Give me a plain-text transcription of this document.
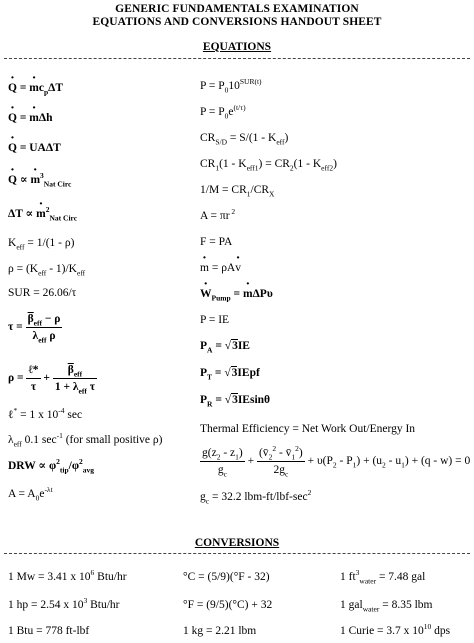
GENERIC FUNDAMENTALS EXAMINATION
EQUATIONS AND CONVERSIONS HANDOUT SHEET
EQUATIONS
Q · = $m \cdot c_p\Delta T$
Q · = m ·Δh
Q · = UAΔT
Q · ∝ m ·$^3_{Nat Circ}$
ΔT ∝ m ·$^2_{Nat Circ}$
$K_{eff} = 1/(1 - \rho)$
$\rho = (K_{eff} - 1)/K_{eff}$
SUR = 26.06/τ
$\tau = \frac{\overline{\beta}_{eff} - \rho}{\lambda_{eff} \rho}$
$\rho = \frac{\text{ℓ*}}{\tau} + \frac{\overline{\beta}_{eff}}{1 + \lambda_{eff} \tau}$
ℓ* = 1 x $10^{-4}$ sec
$\lambda_{eff}$ 0.1 $\sec^{-1} (for$ small positive ρ)
DRW ∝ $\varphi^2_{tip}/\varphi^2_{avg}$
$A = A_0e^{-\lambda t}$
$P = P_010^{SUR(t)}$
$P = P_0e^{(t/\tau)}$
$CR_{S/D} = S/(1 - K_{eff})$
$CR_1(1 - K_{eff1}) = CR_2(1 - K_{eff2})$
$1/M = CR_1/CR_X$
A = πr $^2$
F = PA
m · = ρAv ·
$W \cdot_{Pump} = m \cdot\Delta P\upsilon$
P = IE
$P_A = √3IE$
$P_T$ = √3IEpf
$P_R = √3IEsin\theta$
Thermal Efficiency = Net Work Out/Energy In
$\frac{g(z_2 - z_1)}{g_c} + \frac{(v̄_2^2 - v̄_1^2)}{2g_c} + \upsilon(P_2 - P_1) + (u_2 - u_1) + (q - w) = 0$
$g_c = 32.2$ lbm-$ft/lbf-\sec^2$
CONVERSIONS
1 Mw = 3.41 x $10^6$ Btu/hr	°C = (5/9)(°F - 32)	1 $ft^3_{water} = 7.48$ gal
1 hp = 2.54 x $10^3$ Btu/hr	°F = (9/5)(°C) + 32	1 gal$_{water}$ = 8.35 lbm
1 Btu = 778 ft-lbf	1 kg = 2.21 lbm	1 Curie = 3.7 x $10^{10}$ dps
